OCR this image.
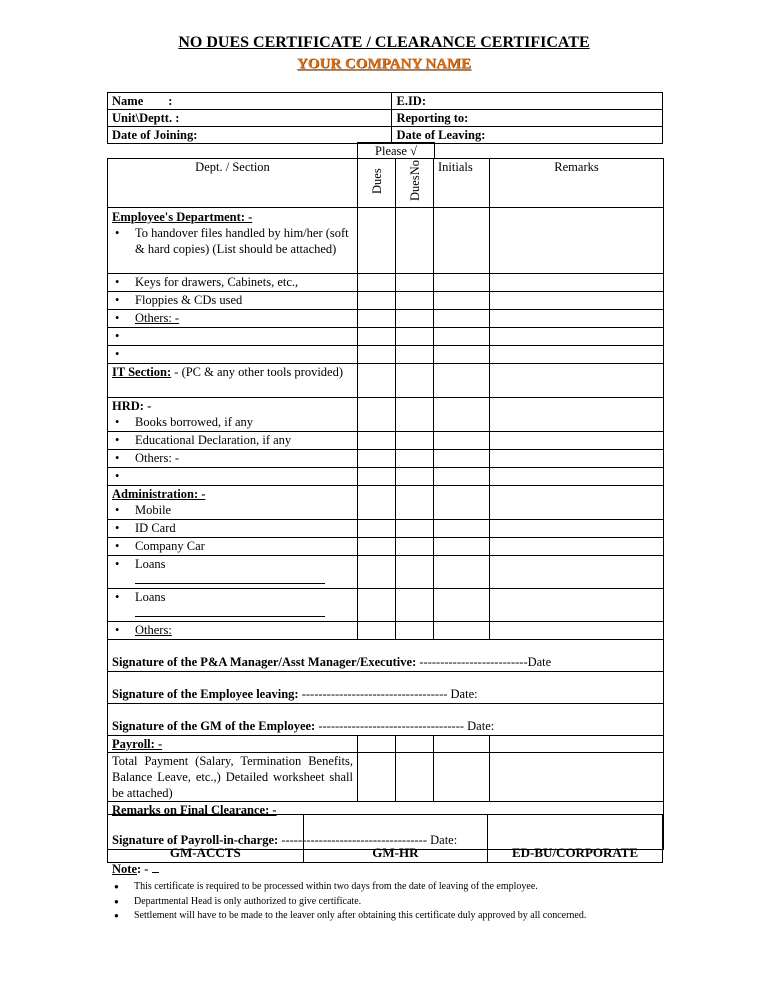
NO DUES CERTIFICATE / CLEARANCE CERTIFICATE
YOUR COMPANY NAME
Name        :	E.ID:
Unit\Deptt. :	Reporting to:
Date of Joining:	Date of Leaving:
Please √
Dept. / Section	Dues	DuesNo	Initials	Remarks

Employee's Department: -
• To handover files handled by him/her (soft & hard copies) (List should be attached)

• Keys for drawers, Cabinets, etc.,

• Floppies & CDs used

• Others: -

IT Section: - (PC & any other tools provided)				

HRD: -
• Books borrowed, if any

• Educational Declaration, if any

• Others: -

Administration: -
• Mobile

• ID Card

• Company Car

• Loans

• Loans

• Others:

Signature of the P&A Manager/Asst Manager/Executive: --------------------------Date				
Signature of the Employee leaving: ----------------------------------- Date:				
Signature of the GM of the Employee: ----------------------------------- Date:				
Payroll: -				
Total Payment (Salary, Termination Benefits, Balance Leave, etc.,) Detailed worksheet shall be attached)				

Remarks on Final Clearance: -
Signature of Payroll-in-charge: ----------------------------------- Date:				
GM-ACCTS	GM-HR	ED-BU/CORPORATE
Note: -
● This certificate is required to be processed within two days from the date of leaving of the employee.
● Departmental Head is only authorized to give certificate.
● Settlement will have to be made to the leaver only after obtaining this certificate duly approved by all concerned.
